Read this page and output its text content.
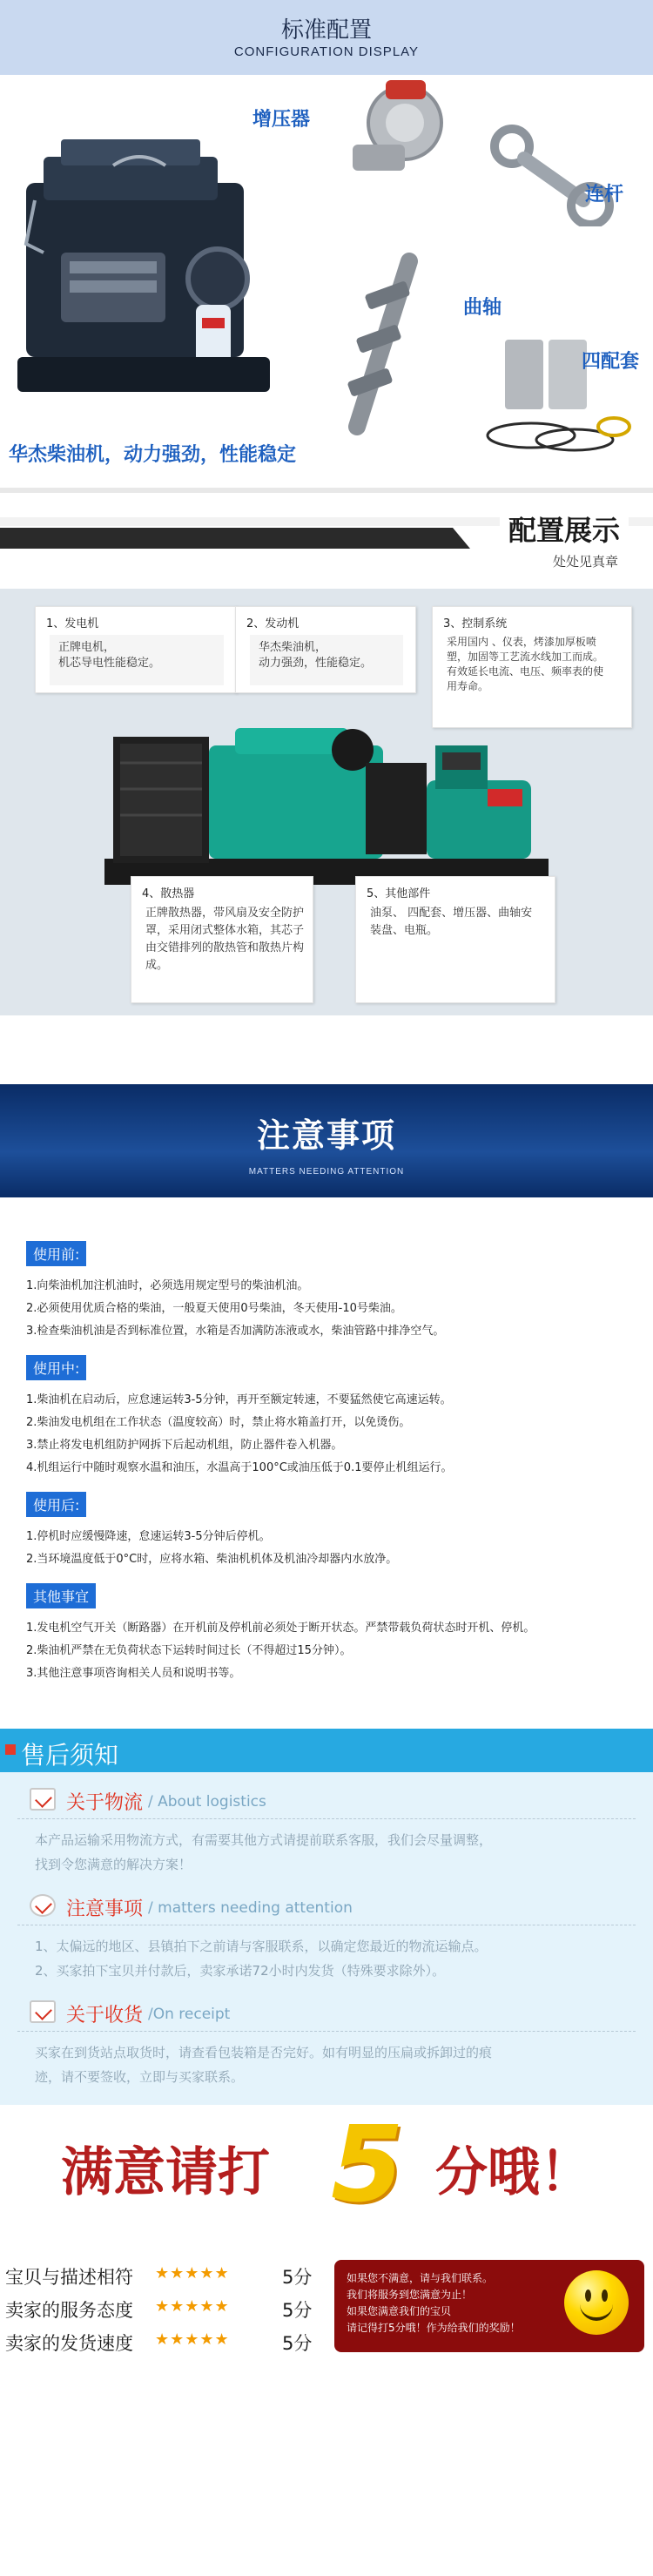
标准配置
CONFIGURATION DISPLAY
增压器
连杆
曲轴
四配套
华杰柴油机，动力强劲，性能稳定
配置展示
处处见真章
1、发电机
正牌电机，
机芯导电性能稳定。
2、发动机
华杰柴油机，
动力强劲，性能稳定。
3、控制系统
采用国内 、仪表，烤漆加厚板喷塑，加固等工艺流水线加工而成。有效延长电流、电压、频率表的使用寿命。
4、散热器
正牌散热器，带风扇及安全防护罩，采用闭式整体水箱，其芯子由交错排列的散热管和散热片构成。
5、其他部件
油泵、 四配套、增压器、曲轴安装盘、电瓶。
注意事项
MATTERS NEEDING ATTENTION
使用前:
1.向柴油机加注机油时，必须选用规定型号的柴油机油。
2.必须使用优质合格的柴油，一般夏天使用0号柴油，冬天使用-10号柴油。
3.检查柴油机油是否到标准位置，水箱是否加满防冻液或水，柴油管路中排净空气。
使用中:
1.柴油机在启动后，应怠速运转3-5分钟，再开至额定转速，不要猛然使它高速运转。
2.柴油发电机组在工作状态（温度较高）时，禁止将水箱盖打开，以免烫伤。
3.禁止将发电机组防护网拆下后起动机组，防止器件卷入机器。
4.机组运行中随时观察水温和油压，水温高于100°C或油压低于0.1要停止机组运行。
使用后:
1.停机时应缓慢降速，怠速运转3-5分钟后停机。
2.当环境温度低于0°C时，应将水箱、柴油机机体及机油冷却器内水放净。
其他事宜
1.发电机空气开关（断路器）在开机前及停机前必须处于断开状态。严禁带载负荷状态时开机、停机。
2.柴油机严禁在无负荷状态下运转时间过长（不得超过15分钟）。
3.其他注意事项咨询相关人员和说明书等。
售后须知
关于物流 / About logistics
本产品运输采用物流方式，有需要其他方式请提前联系客服，我们会尽量调整，
找到令您满意的解决方案！
注意事项 / matters needing attention
1、太偏远的地区、县镇拍下之前请与客服联系，以确定您最近的物流运输点。
2、买家拍下宝贝并付款后，卖家承诺72小时内发货（特殊要求除外）。
关于收货 /On receipt
买家在到货站点取货时，请查看包装箱是否完好。如有明显的压扁或拆卸过的痕
迹，请不要签收，立即与买家联系。
满意请打 5 分哦！
宝贝与描述相符 ★★★★★	5分
卖家的服务态度 ★★★★★	5分
卖家的发货速度 ★★★★★	5分
如果您不满意，请与我们联系。
我们将服务到您满意为止！
如果您满意我们的宝贝
请记得打5分哦！作为给我们的奖励！
